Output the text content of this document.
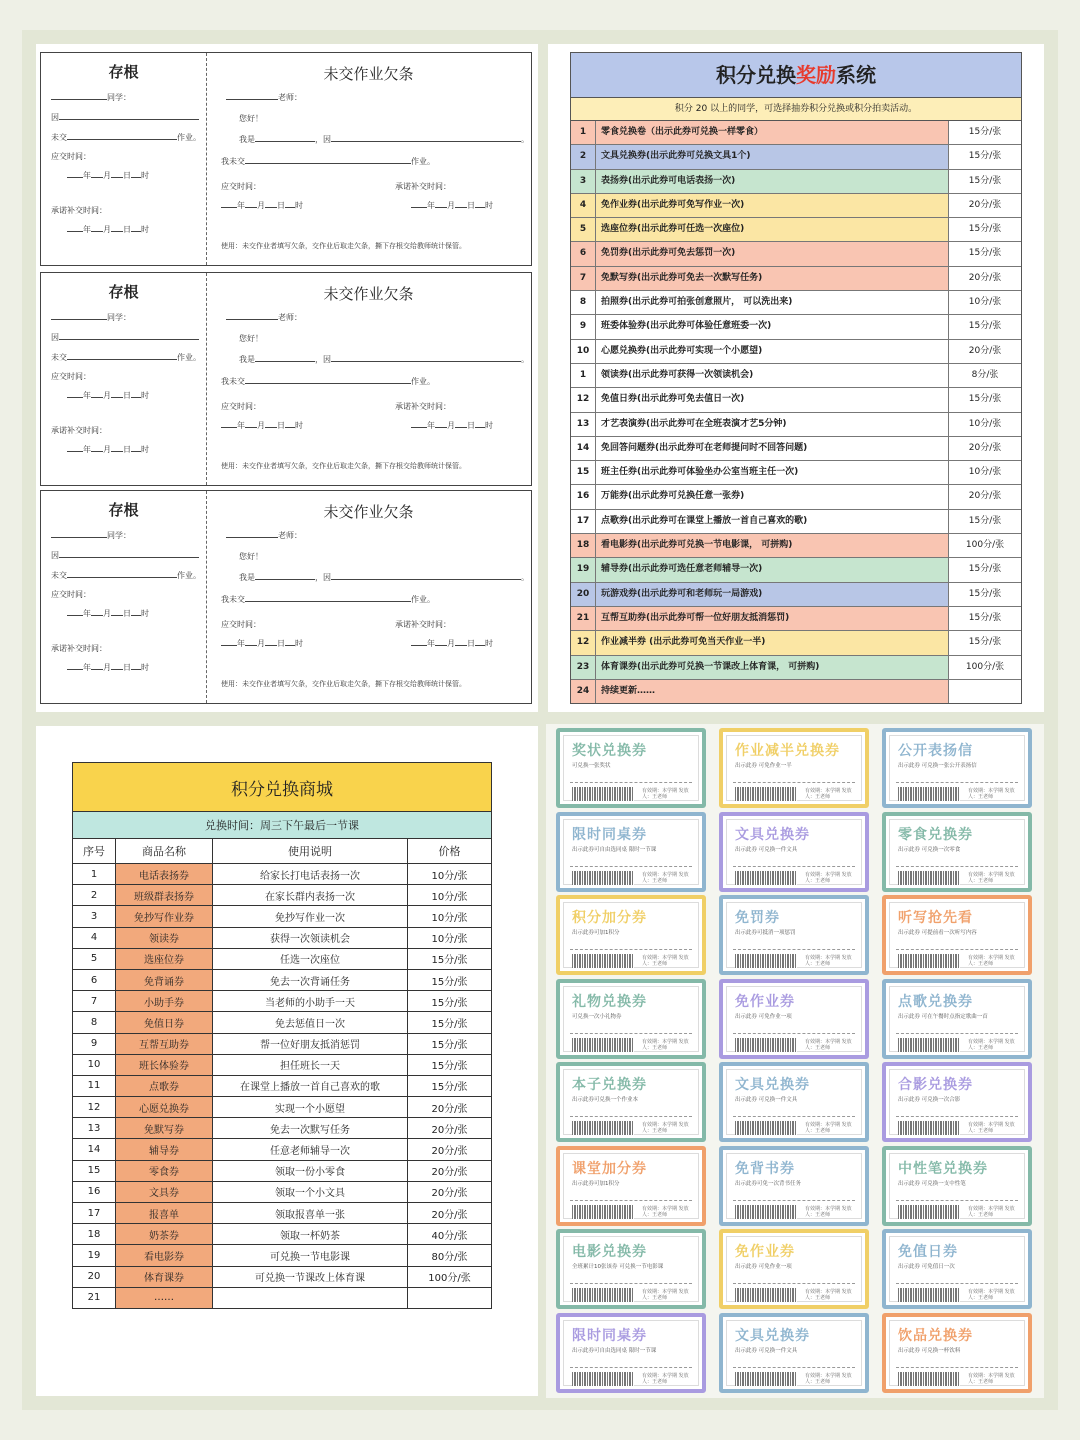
存根
同学：
因
未交	作业。
应交时间：
年 月 日 时
承诺补交时间：
年 月 日 时
未交作业欠条
老师：
您好！
我是	，因	。
我未交	作业。
应交时间：	承诺补交时间：
年 月 日 时	年 月 日 时
使用：未交作业者填写欠条，交作业后取走欠条，撕下存根交给教师统计保管。
存根
同学：
因
未交	作业。
应交时间：
年 月 日 时
承诺补交时间：
年 月 日 时
未交作业欠条
老师：
您好！
我是	，因	。
我未交	作业。
应交时间：	承诺补交时间：
年 月 日 时	年 月 日 时
使用：未交作业者填写欠条，交作业后取走欠条，撕下存根交给教师统计保管。
存根
同学：
因
未交	作业。
应交时间：
年 月 日 时
承诺补交时间：
年 月 日 时
未交作业欠条
老师：
您好！
我是	，因	。
我未交	作业。
应交时间：	承诺补交时间：
年 月 日 时	年 月 日 时
使用：未交作业者填写欠条，交作业后取走欠条，撕下存根交给教师统计保管。
积分兑换奖励系统
积分 20 以上的同学，可选择抽券积分兑换或积分拍卖活动。
1	零食兑换卷（出示此券可兑换一样零食）	15分/张
2	文具兑换券(出示此券可兑换文具1个)	15分/张
3	表扬券(出示此券可电话表扬一次)	15分/张
4	免作业券(出示此券可免写作业一次)	20分/张
5	选座位券(出示此券可任选一次座位)	15分/张
6	免罚券(出示此券可免去惩罚一次)	15分/张
7	免默写券(出示此券可免去一次默写任务)	20分/张
8	拍照券(出示此券可拍张创意照片， 可以洗出来)	10分/张
9	班委体验券(出示此券可体验任意班委一次)	15分/张
10	心愿兑换券(出示此券可实现一个小愿望)	20分/张
1	领读券(出示此券可获得一次领读机会)	8分/张
12	免值日券(出示此券可免去值日一次)	15分/张
13	才艺表演券(出示此券可在全班表演才艺5分钟)	10分/张
14	免回答问题券(出示此券可在老师提问时不回答问题)	20分/张
15	班主任券(出示此券可体验坐办公室当班主任一次)	10分/张
16	万能券(出示此券可兑换任意一张券)	20分/张
17	点歌券(出示此券可在课堂上播放一首自己喜欢的歌)	15分/张
18	看电影券(出示此券可兑换一节电影课， 可拼购)	100分/张
19	辅导券(出示此券可选任意老师辅导一次)	15分/张
20	玩游戏券(出示此券可和老师玩一局游戏)	15分/张
21	互帮互助券(出示此券可帮一位好朋友抵消惩罚)	15分/张
12	作业减半券 (出示此券可免当天作业一半)	15分/张
23	体育课券(出示此券可兑换一节课改上体育课， 可拼购)	100分/张
24	持续更新……
积分兑换商城			
兑换时间：周三下午最后一节课			
序号	商品名称	使用说明	价格
1	电话表扬券	给家长打电话表扬一次	10分/张
2	班级群表扬券	在家长群内表扬一次	10分/张
3	免抄写作业券	免抄写作业一次	10分/张
4	领读券	获得一次领读机会	10分/张
5	选座位券	任选一次座位	15分/张
6	免背诵券	免去一次背诵任务	15分/张
7	小助手券	当老师的小助手一天	15分/张
8	免值日券	免去惩值日一次	15分/张
9	互帮互助券	帮一位好朋友抵消惩罚	15分/张
10	班长体验券	担任班长一天	15分/张
11	点歌券	在课堂上播放一首自己喜欢的歌	15分/张
12	心愿兑换券	实现一个小愿望	20分/张
13	免默写券	免去一次默写任务	20分/张
14	辅导券	任意老师辅导一次	20分/张
15	零食券	领取一份小零食	20分/张
16	文具券	领取一个小文具	20分/张
17	报喜单	领取报喜单一张	20分/张
18	奶茶券	领取一杯奶茶	40分/张
19	看电影券	可兑换一节电影课	80分/张
20	体育课券	可兑换一节课改上体育课	100分/张
21	……		
奖状兑换券
可兑换一张奖状
有效期：本学期 发放人：王老师
作业减半兑换券
出示此券 可免作业一半
有效期：本学期 发放人：王老师
公开表扬信
出示此券 可兑换一张公开表扬信
有效期：本学期 发放人：王老师
限时同桌券
出示此券可自由选同桌 限时一节课
有效期：本学期 发放人：王老师
文具兑换券
出示此券 可兑换一件文具
有效期：本学期 发放人：王老师
零食兑换券
出示此券 可兑换一次零食
有效期：本学期 发放人：王老师
积分加分券
出示此券可加1积分
有效期：本学期 发放人：王老师
免罚券
出示此券可抵消一项惩罚
有效期：本学期 发放人：王老师
听写抢先看
出示此券 可提前看一次听写内容
有效期：本学期 发放人：王老师
礼物兑换券
可兑换一次小礼物券
有效期：本学期 发放人：王老师
免作业券
出示此券 可免作业一项
有效期：本学期 发放人：王老师
点歌兑换券
出示此券 可在午餐时点指定歌曲一首
有效期：本学期 发放人：王老师
本子兑换券
出示此券可兑换一个作业本
有效期：本学期 发放人：王老师
文具兑换券
出示此券 可兑换一件文具
有效期：本学期 发放人：王老师
合影兑换券
出示此券 可兑换一次合影
有效期：本学期 发放人：王老师
课堂加分券
出示此券可加1积分
有效期：本学期 发放人：王老师
免背书券
出示此券可免一次背书任务
有效期：本学期 发放人：王老师
中性笔兑换券
出示此券 可兑换一支中性笔
有效期：本学期 发放人：王老师
电影兑换券
全班累计10张该券 可兑换一节电影课
有效期：本学期 发放人：王老师
免作业券
出示此券 可免作业一项
有效期：本学期 发放人：王老师
免值日券
出示此券 可免值日一次
有效期：本学期 发放人：王老师
限时同桌券
出示此券可自由选同桌 限时一节课
有效期：本学期 发放人：王老师
文具兑换券
出示此券 可兑换一件文具
有效期：本学期 发放人：王老师
饮品兑换券
出示此券 可兑换一杯饮料
有效期：本学期 发放人：王老师
